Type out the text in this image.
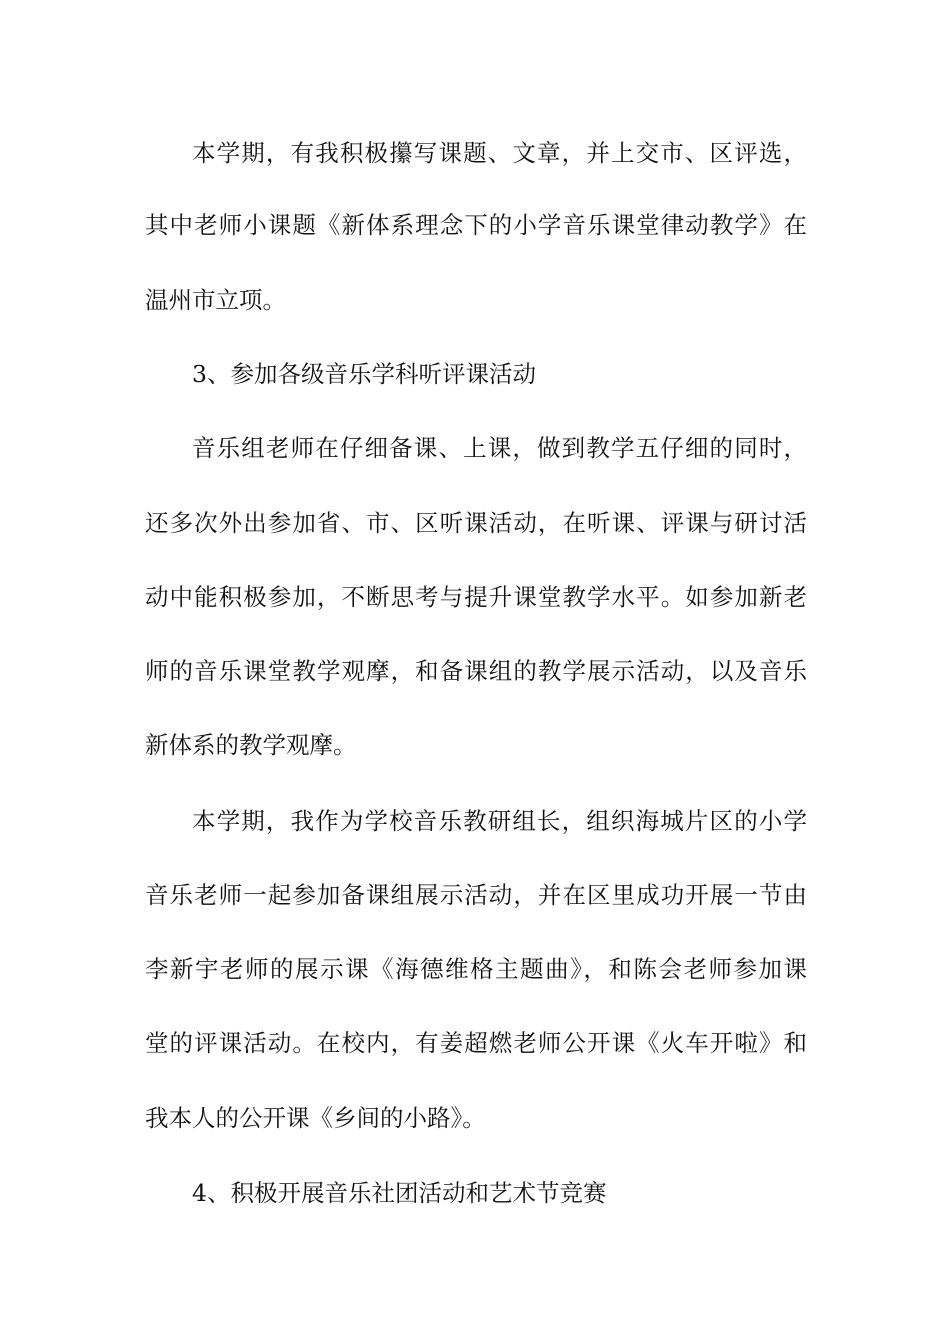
本学期，有我积极攥写课题、文章，并上交市、区评选，
其中老师小课题《新体系理念下的小学音乐课堂律动教学》在
温州市立项。
3、参加各级音乐学科听评课活动
音乐组老师在仔细备课、上课，做到教学五仔细的同时，
还多次外出参加省、市、区听课活动，在听课、评课与研讨活
动中能积极参加，不断思考与提升课堂教学水平。如参加新老
师的音乐课堂教学观摩，和备课组的教学展示活动，以及音乐
新体系的教学观摩。
本学期，我作为学校音乐教研组长，组织海城片区的小学
音乐老师一起参加备课组展示活动，并在区里成功开展一节由
李新宇老师的展示课《海德维格主题曲》，和陈会老师参加课
堂的评课活动。在校内，有姜超燃老师公开课《火车开啦》和
我本人的公开课《乡间的小路》。
4、积极开展音乐社团活动和艺术节竞赛
